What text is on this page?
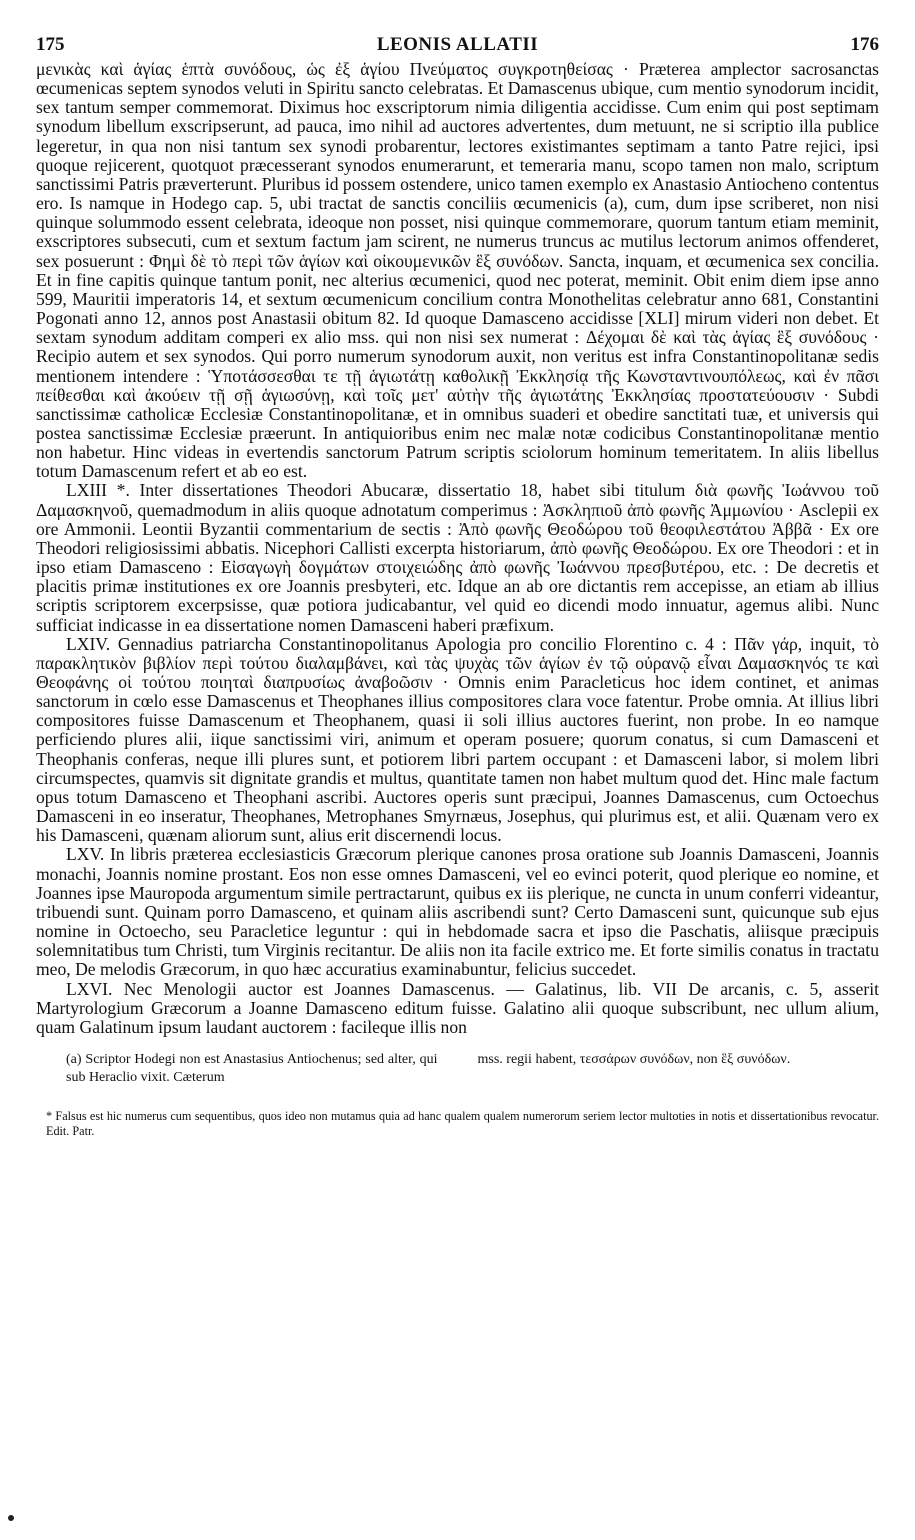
175	LEONIS ALLATII	176

μενικὰς καὶ ἁγίας ἑπτὰ συνόδους, ὡς ἐξ ἁγίου Πνεύματος συγκροτηθείσας · Præterea amplector sacrosanctas œcumenicas septem synodos veluti in Spiritu sancto celebratas. Et Damascenus ubique, cum mentio synodorum incidit, sex tantum semper commemorat. Diximus hoc exscriptorum nimia diligentia accidisse. Cum enim qui post septimam synodum libellum exscripserunt, ad pauca, imo nihil ad auctores advertentes, dum metuunt, ne si scriptio illa publice legeretur, in qua non nisi tantum sex synodi probarentur, lectores existimantes septimam a tanto Patre rejici, ipsi quoque rejicerent, quotquot præcesserant synodos enumerarunt, et temeraria manu, scopo tamen non malo, scriptum sanctissimi Patris præverterunt. Pluribus id possem ostendere, unico tamen exemplo ex Anastasio Antiocheno contentus ero. Is namque in Hodego cap. 5, ubi tractat de sanctis conciliis œcumenicis (a), cum, dum ipse scriberet, non nisi quinque solummodo essent celebrata, ideoque non posset, nisi quinque commemorare, quorum tantum etiam meminit, exscriptores subsecuti, cum et sextum factum jam scirent, ne numerus truncus ac mutilus lectorum animos offenderet, sex posuerunt : Φημὶ δὲ τὸ περὶ τῶν ἁγίων καὶ οἰκουμενικῶν ἓξ συνόδων. Sancta, inquam, et œcumenica sex concilia. Et in fine capitis quinque tantum ponit, nec alterius œcumenici, quod nec poterat, meminit. Obit enim diem ipse anno 599, Mauritii imperatoris 14, et sextum œcumenicum concilium contra Monothelitas celebratur anno 681, Constantini Pogonati anno 12, annos post Anastasii obitum 82. Id quoque Damasceno accidisse [XLI] mirum videri non debet. Et sextam synodum additam comperi ex alio mss. qui non nisi sex numerat : Δέχομαι δὲ καὶ τὰς ἁγίας ἓξ συνόδους · Recipio autem et sex synodos. Qui porro numerum synodorum auxit, non veritus est infra Constantinopolitanæ sedis mentionem intendere : Ὑποτάσσεσθαι τε τῇ ἁγιωτάτῃ καθολικῇ Ἐκκλησίᾳ τῆς Κωνσταντινουπόλεως, καὶ ἐν πᾶσι πείθεσθαι καὶ ἀκούειν τῇ σῇ ἁγιωσύνῃ, καὶ τοῖς μετ' αὐτὴν τῆς ἁγιωτάτης Ἐκκλησίας προστατεύουσιν · Subdi sanctissimæ catholicæ Ecclesiæ Constantinopolitanæ, et in omnibus suaderi et obedire sanctitati tuæ, et universis qui postea sanctissimæ Ecclesiæ præerunt. In antiquioribus enim nec malæ notæ codicibus Constantinopolitanæ mentio non habetur. Hinc videas in evertendis sanctorum Patrum scriptis sciolorum hominum temeritatem. In aliis libellus totum Damascenum refert et ab eo est.

LXIII *. Inter dissertationes Theodori Abucaræ, dissertatio 18, habet sibi titulum διὰ φωνῆς Ἰωάννου τοῦ Δαμασκηνοῦ, quemadmodum in aliis quoque adnotatum comperimus : Ἀσκληπιοῦ ἀπὸ φωνῆς Ἀμμωνίου · Asclepii ex ore Ammonii. Leontii Byzantii commentarium de sectis : Ἀπὸ φωνῆς Θεοδώρου τοῦ θεοφιλεστάτου Ἀββᾶ · Ex ore Theodori religiosissimi abbatis. Nicephori Callisti excerpta historiarum, ἀπὸ φωνῆς Θεοδώρου. Ex ore Theodori : et in ipso etiam Damasceno : Εἰσαγωγὴ δογμάτων στοιχειώδης ἀπὸ φωνῆς Ἰωάννου πρεσβυτέρου, etc. : De decretis et placitis primæ institutiones ex ore Joannis presbyteri, etc. Idque an ab ore dictantis rem accepisse, an etiam ab illius scriptis scriptorem excerpsisse, quæ potiora judicabantur, vel quid eo dicendi modo innuatur, agemus alibi. Nunc sufficiat indicasse in ea dissertatione nomen Damasceni haberi præfixum.

LXIV. Gennadius patriarcha Constantinopolitanus Apologia pro concilio Florentino c. 4 : Πᾶν γάρ, inquit, τὸ παρακλητικὸν βιβλίον περὶ τούτου διαλαμβάνει, καὶ τὰς ψυχὰς τῶν ἁγίων ἐν τῷ οὐρανῷ εἶναι Δαμασκηνός τε καὶ Θεοφάνης οἱ τούτου ποιηταὶ διαπρυσίως ἀναβοῶσιν · Omnis enim Paracleticus hoc idem continet, et animas sanctorum in cœlo esse Damascenus et Theophanes illius compositores clara voce fatentur. Probe omnia. At illius libri compositores fuisse Damascenum et Theophanem, quasi ii soli illius auctores fuerint, non probe. In eo namque perficiendo plures alii, iique sanctissimi viri, animum et operam posuere; quorum conatus, si cum Damasceni et Theophanis conferas, neque illi plures sunt, et potiorem libri partem occupant : et Damasceni labor, si molem libri circumspectes, quamvis sit dignitate grandis et multus, quantitate tamen non habet multum quod det. Hinc male factum opus totum Damasceno et Theophani ascribi. Auctores operis sunt præcipui, Joannes Damascenus, cum Octoechus Damasceni in eo inseratur, Theophanes, Metrophanes Smyrnæus, Josephus, qui plurimus est, et alii. Quænam vero ex his Damasceni, quænam aliorum sunt, alius erit discernendi locus.

LXV. In libris præterea ecclesiasticis Græcorum plerique canones prosa oratione sub Joannis Damasceni, Joannis monachi, Joannis nomine prostant. Eos non esse omnes Damasceni, vel eo evinci poterit, quod plerique eo nomine, et Joannes ipse Mauropoda argumentum simile pertractarunt, quibus ex iis plerique, ne cuncta in unum conferri videantur, tribuendi sunt. Quinam porro Damasceno, et quinam aliis ascribendi sunt? Certo Damasceni sunt, quicunque sub ejus nomine in Octoecho, seu Paracletice leguntur : qui in hebdomade sacra et ipso die Paschatis, aliisque præcipuis solemnitatibus tum Christi, tum Virginis recitantur. De aliis non ita facile extrico me. Et forte similis conatus in tractatu meo, De melodis Græcorum, in quo hæc accuratius examinabuntur, felicius succedet.

LXVI. Nec Menologii auctor est Joannes Damascenus. — Galatinus, lib. VII De arcanis, c. 5, asserit Martyrologium Græcorum a Joanne Damasceno editum fuisse. Galatino alii quoque subscribunt, nec ullum alium, quam Galatinum ipsum laudant auctorem : facileque illis non

(a) Scriptor Hodegi non est Anastasius Antiochenus; sed alter, qui sub Heraclio vixit. Cæterum
mss. regii habent, τεσσάρων συνόδων, non ἓξ συνόδων.
* Falsus est hic numerus cum sequentibus, quos ideo non mutamus quia ad hanc qualem qualem numerorum seriem lector multoties in notis et dissertationibus revocatur. Edit. Patr.
